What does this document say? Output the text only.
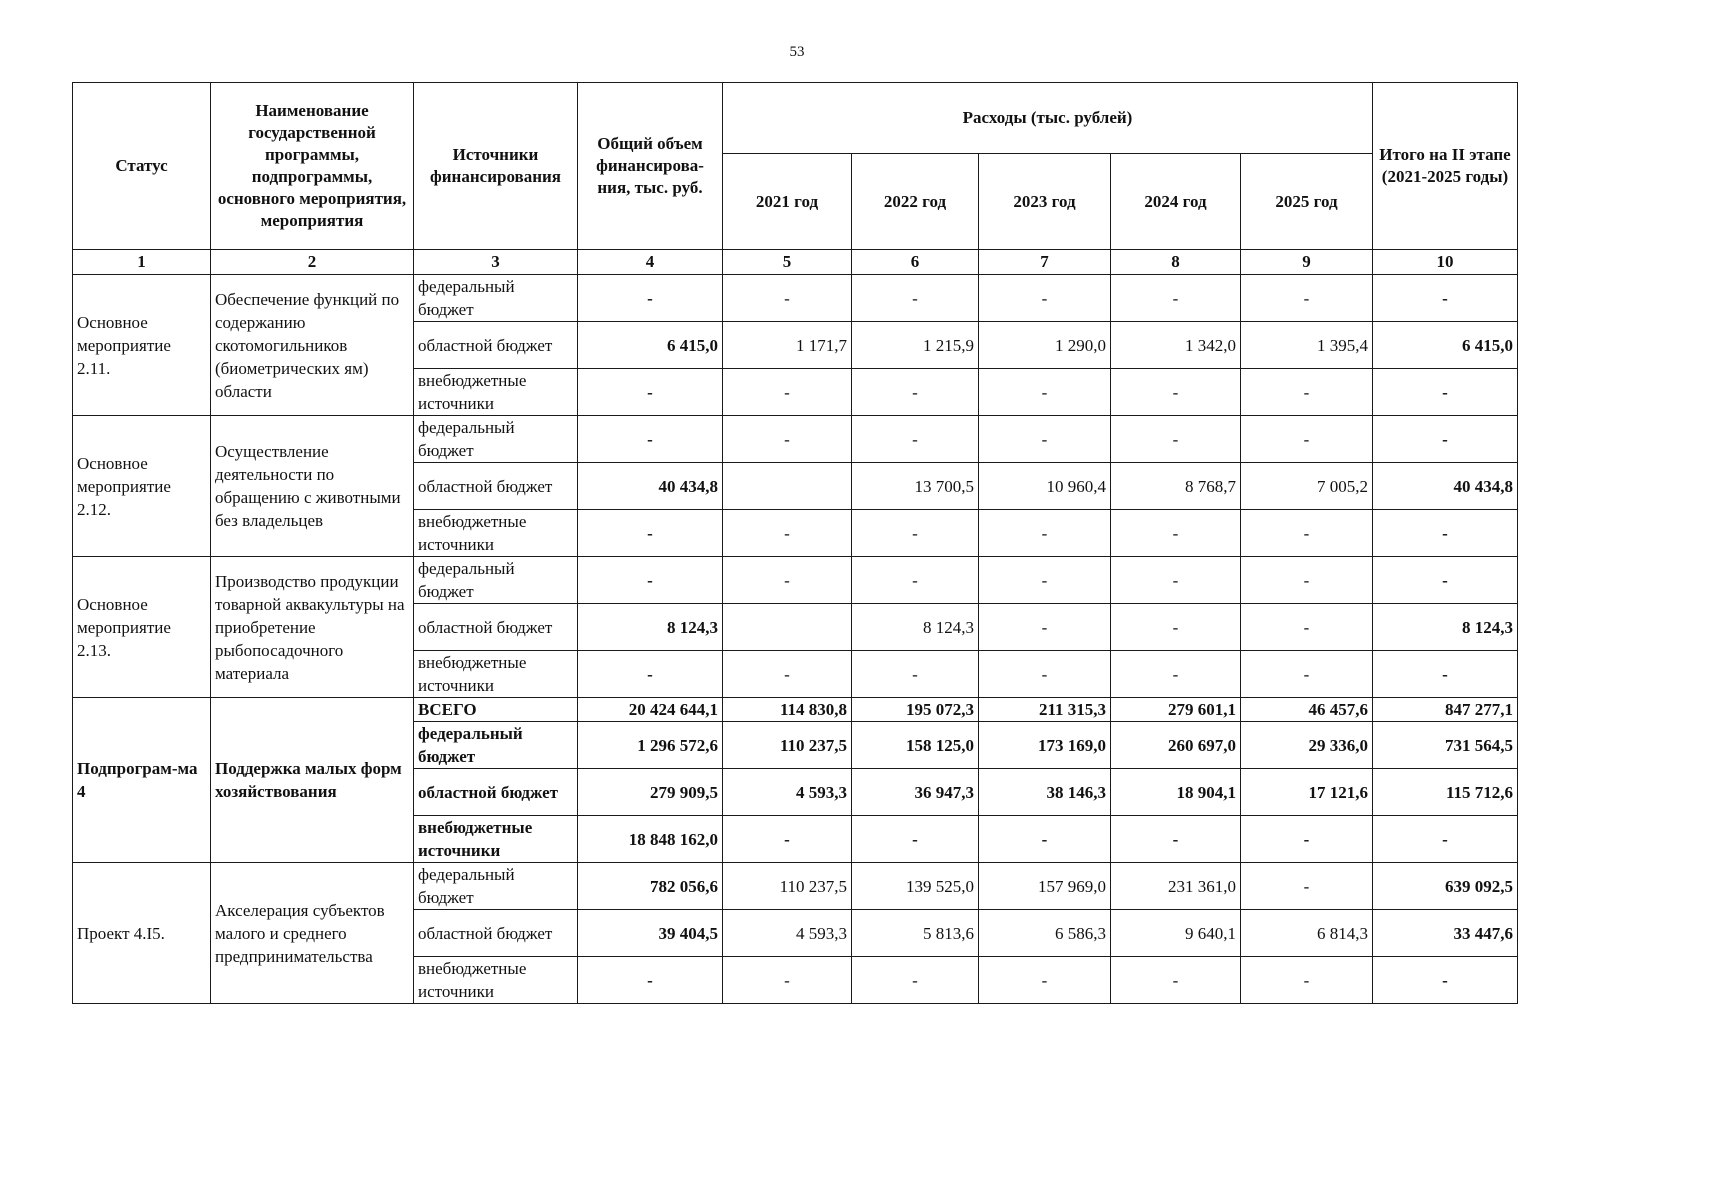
53
Статус	Наименование государственной программы, подпрограммы, основного мероприятия, мероприятия	Источники финансирования	Общий объем финансирова-ния, тыс. руб.	Расходы (тыс. рублей)					Итого на II этапе (2021-2025 годы)
				2021 год	2022 год	2023 год	2024 год	2025 год	
1	2	3	4	5	6	7	8	9	10
Основное мероприятие 2.11.	Обеспечение функций по содержанию скотомогильников (биометрических ям) области	федеральный бюджет	-	-	-	-	-	-	-
		областной бюджет	6 415,0	1 171,7	1 215,9	1 290,0	1 342,0	1 395,4	6 415,0
		внебюджетные источники	-	-	-	-	-	-	-
Основное мероприятие 2.12.	Осуществление деятельности по обращению с животными без владельцев	федеральный бюджет	-	-	-	-	-	-	-
		областной бюджет	40 434,8		13 700,5	10 960,4	8 768,7	7 005,2	40 434,8
		внебюджетные источники	-	-	-	-	-	-	-
Основное мероприятие 2.13.	Производство продукции товарной аквакультуры на приобретение рыбопосадочного материала	федеральный бюджет	-	-	-	-	-	-	-
		областной бюджет	8 124,3		8 124,3	-	-	-	8 124,3
		внебюджетные источники	-	-	-	-	-	-	-
Подпрограм-ма 4	Поддержка малых форм хозяйствования	ВСЕГО	20 424 644,1	114 830,8	195 072,3	211 315,3	279 601,1	46 457,6	847 277,1
		федеральный бюджет	1 296 572,6	110 237,5	158 125,0	173 169,0	260 697,0	29 336,0	731 564,5
		областной бюджет	279 909,5	4 593,3	36 947,3	38 146,3	18 904,1	17 121,6	115 712,6
		внебюджетные источники	18 848 162,0	-	-	-	-	-	-
Проект 4.I5.	Акселерация субъектов малого и среднего предпринимательства	федеральный бюджет	782 056,6	110 237,5	139 525,0	157 969,0	231 361,0	-	639 092,5
		областной бюджет	39 404,5	4 593,3	5 813,6	6 586,3	9 640,1	6 814,3	33 447,6
		внебюджетные источники	-	-	-	-	-	-	-
